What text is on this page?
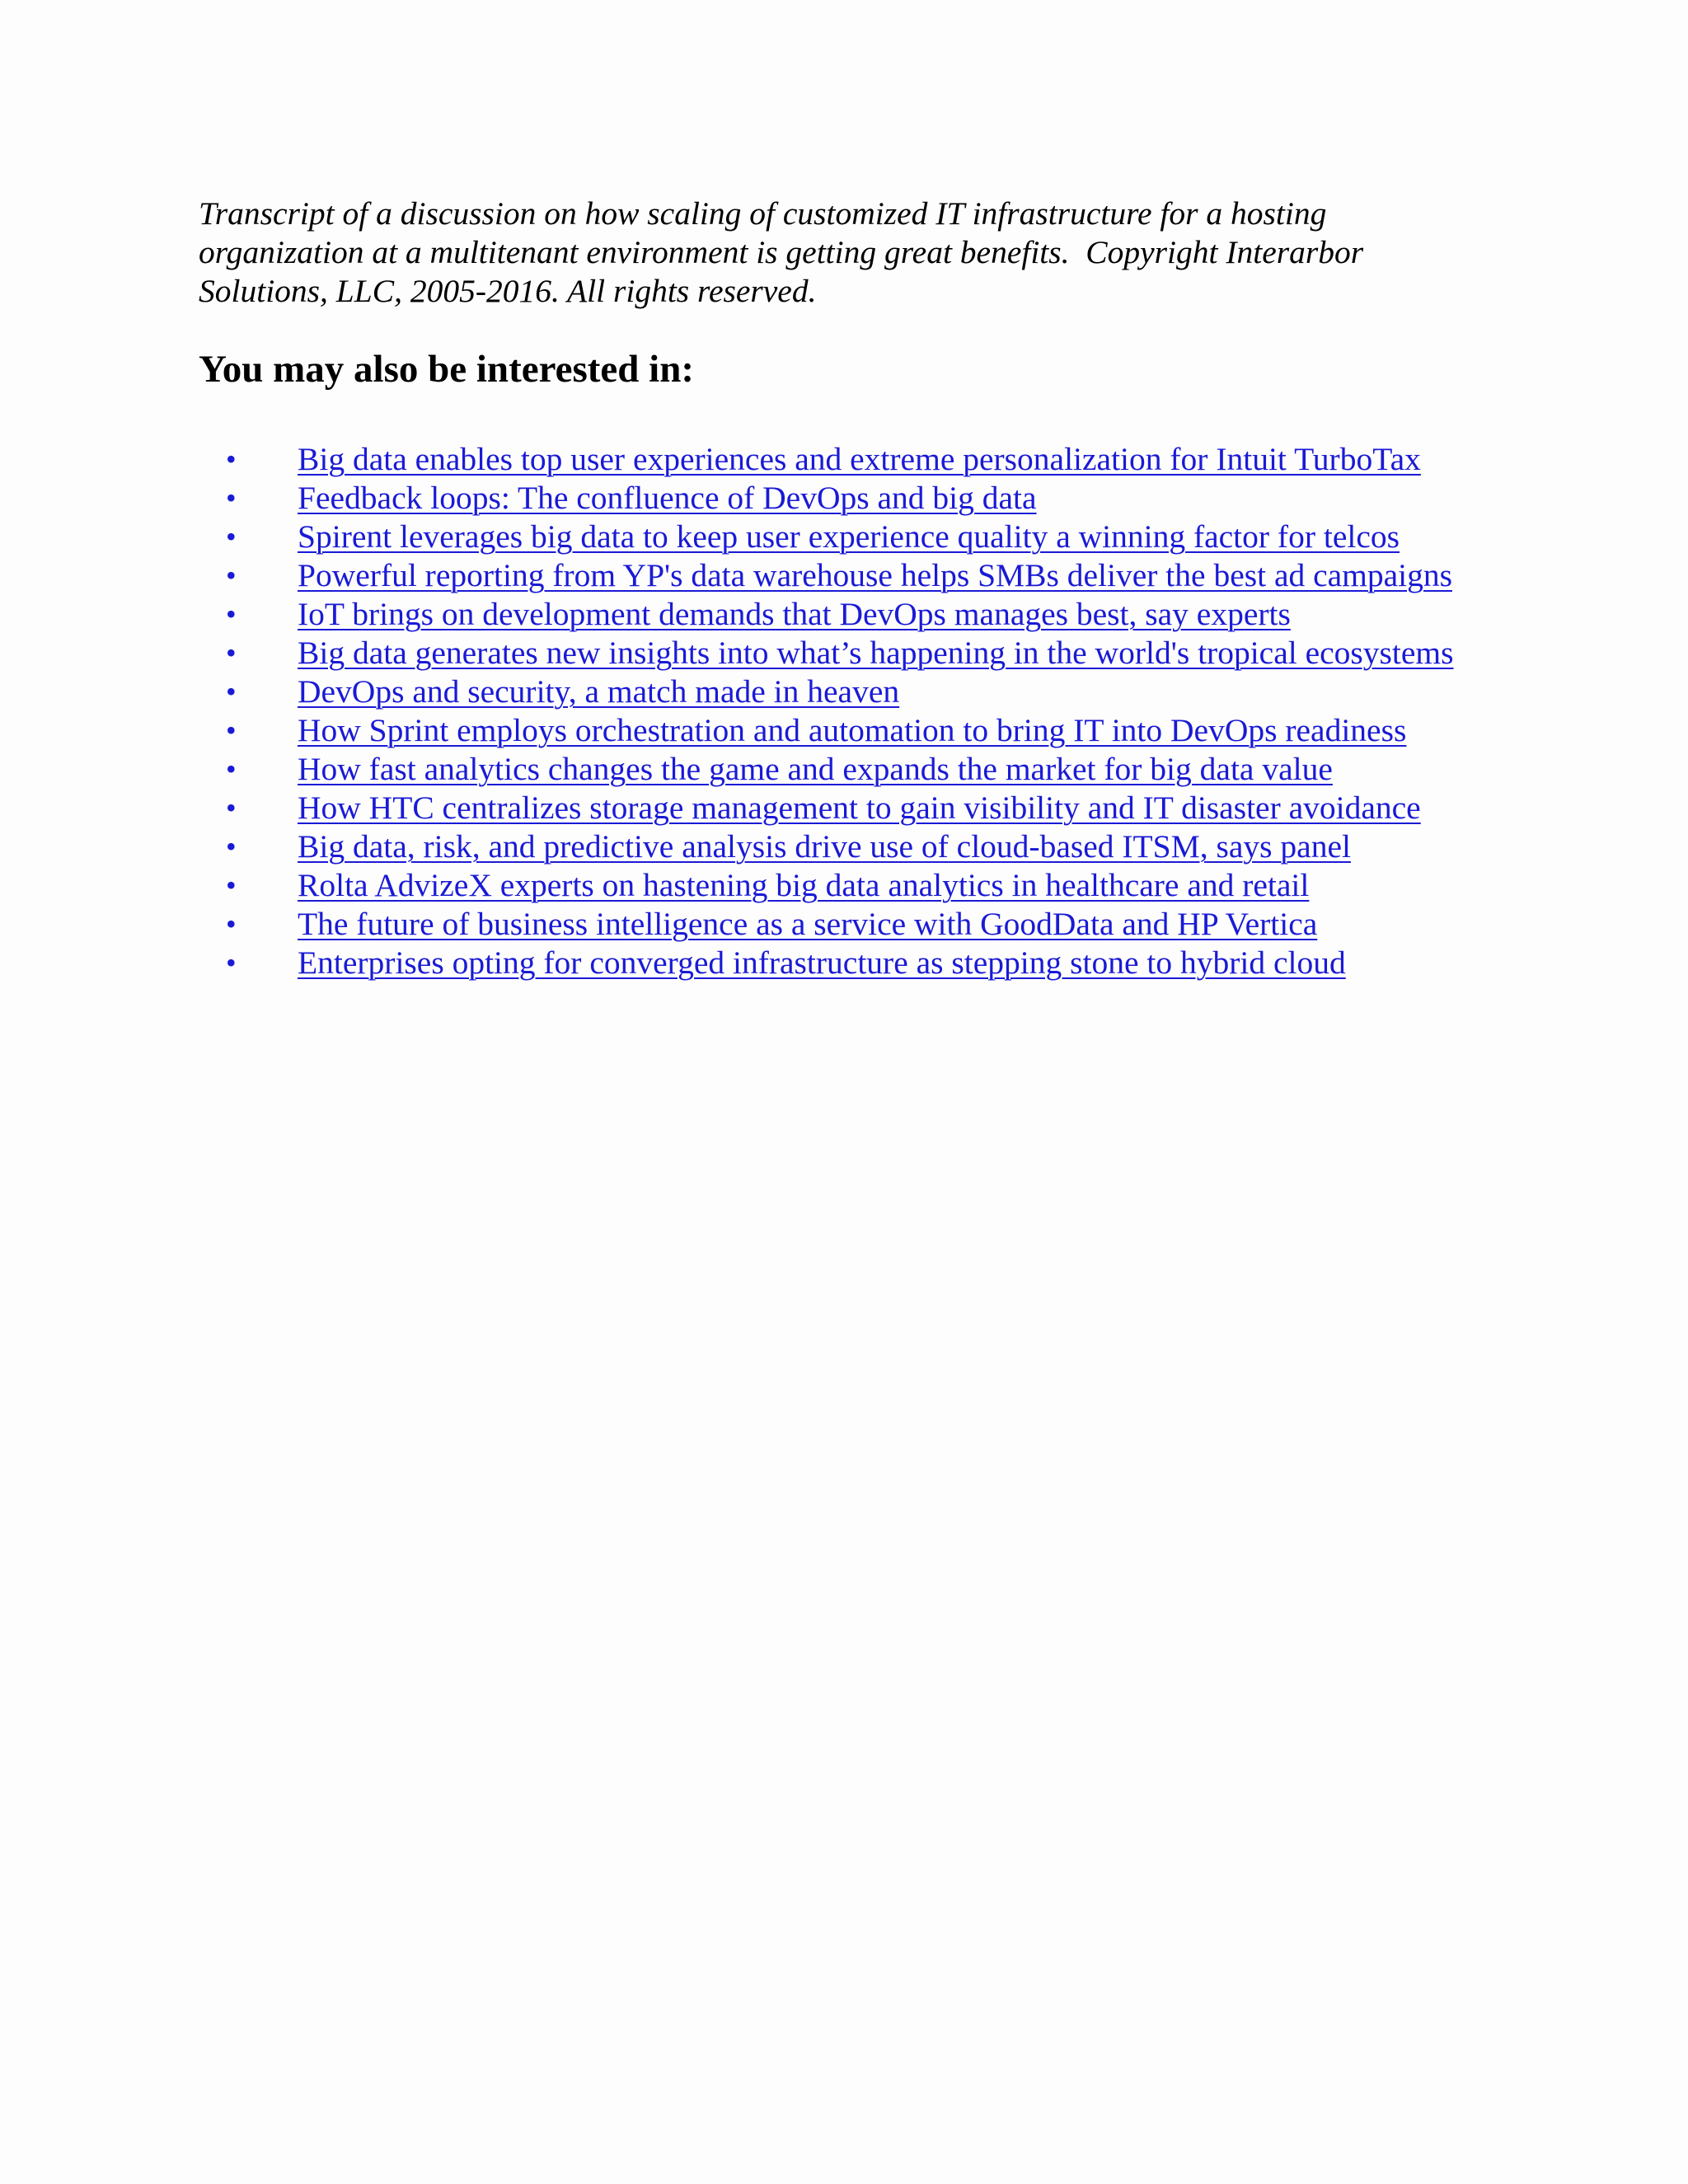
Transcript of a discussion on how scaling of customized IT infrastructure for a hosting
organization at a multitenant environment is getting great benefits.  Copyright Interarbor
Solutions, LLC, 2005-2016. All rights reserved.

You may also be interested in:
• Big data enables top user experiences and extreme personalization for Intuit TurboTax
• Feedback loops: The confluence of DevOps and big data
• Spirent leverages big data to keep user experience quality a winning factor for telcos
• Powerful reporting from YP's data warehouse helps SMBs deliver the best ad campaigns
• IoT brings on development demands that DevOps manages best, say experts
• Big data generates new insights into what’s happening in the world's tropical ecosystems
• DevOps and security, a match made in heaven
• How Sprint employs orchestration and automation to bring IT into DevOps readiness
• How fast analytics changes the game and expands the market for big data value
• How HTC centralizes storage management to gain visibility and IT disaster avoidance
• Big data, risk, and predictive analysis drive use of cloud-based ITSM, says panel
• Rolta AdvizeX experts on hastening big data analytics in healthcare and retail
• The future of business intelligence as a service with GoodData and HP Vertica
• Enterprises opting for converged infrastructure as stepping stone to hybrid cloud
